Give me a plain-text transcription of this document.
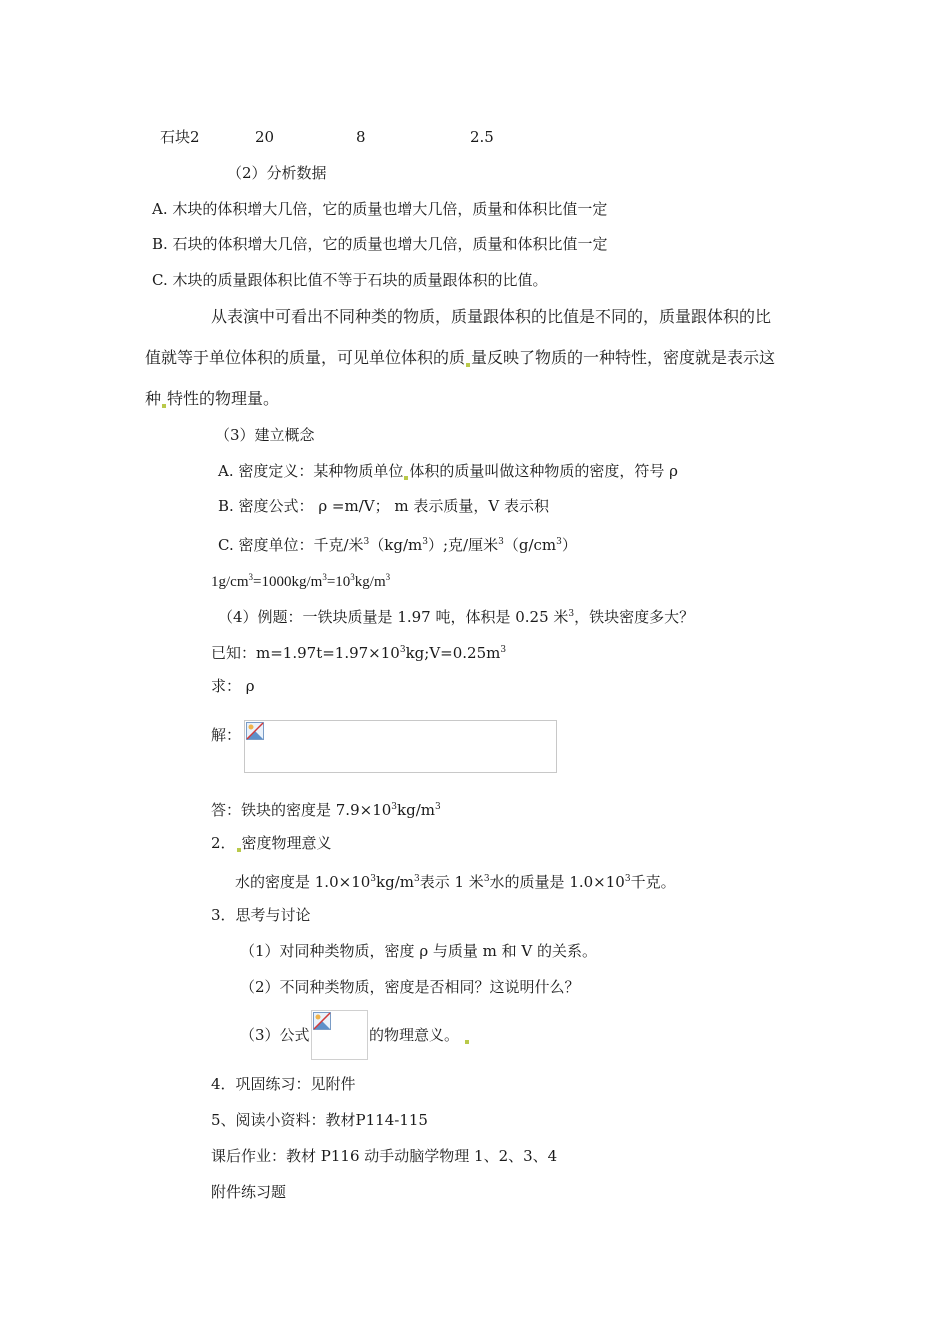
石块2	20	8	2.5
（2）分析数据
A. 木块的体积增大几倍，它的质量也增大几倍，质量和体积比值一定
B. 石块的体积增大几倍，它的质量也增大几倍，质量和体积比值一定
C. 木块的质量跟体积比值不等于石块的质量跟体积的比值。
从表演中可看出不同种类的物质，质量跟体积的比值是不同的，质量跟体积的比
值就等于单位体积的质量，可见单位体积的质 量反映了物质的一种特性，密度就是表示这
种 特性的物理量。
（3）建立概念
A. 密度定义：某种物质单位 体积的质量叫做这种物质的密度，符号 ρ
B. 密度公式： ρ =m/V； m 表示质量，V 表示积
C. 密度单位：千克/米$^3(kg/m^3)$;克/厘米$^3(g/cm^3)$
$1g/cm^3=1000kg/m^3=10^3kg/m^3$
（4）例题：一铁块质量是 1.97 吨，体积是 0.25 米$^3$，铁块密度多大？
已知：$m=1.97t=1.97\times 10^3kg;V=0.25m^3$
求： ρ
解：
答：铁块的密度是 $7.9\times 10^3kg/m^3$
2． 密度物理意义
水的密度是 $1.0\times 10^3kg/m^3$表示 1 米$^3$水的质量是 $1.0\times 10^3$千克。
3．思考与讨论
（1）对同种类物质，密度 ρ 与质量 m 和 V 的关系。
（2）不同种类物质，密度是否相同？这说明什么？
（3）公式	的物理意义。
4．巩固练习：见附件
5、阅读小资料：教材P114-115
课后作业：教材 P116 动手动脑学物理 1、2、3、4
附件练习题
